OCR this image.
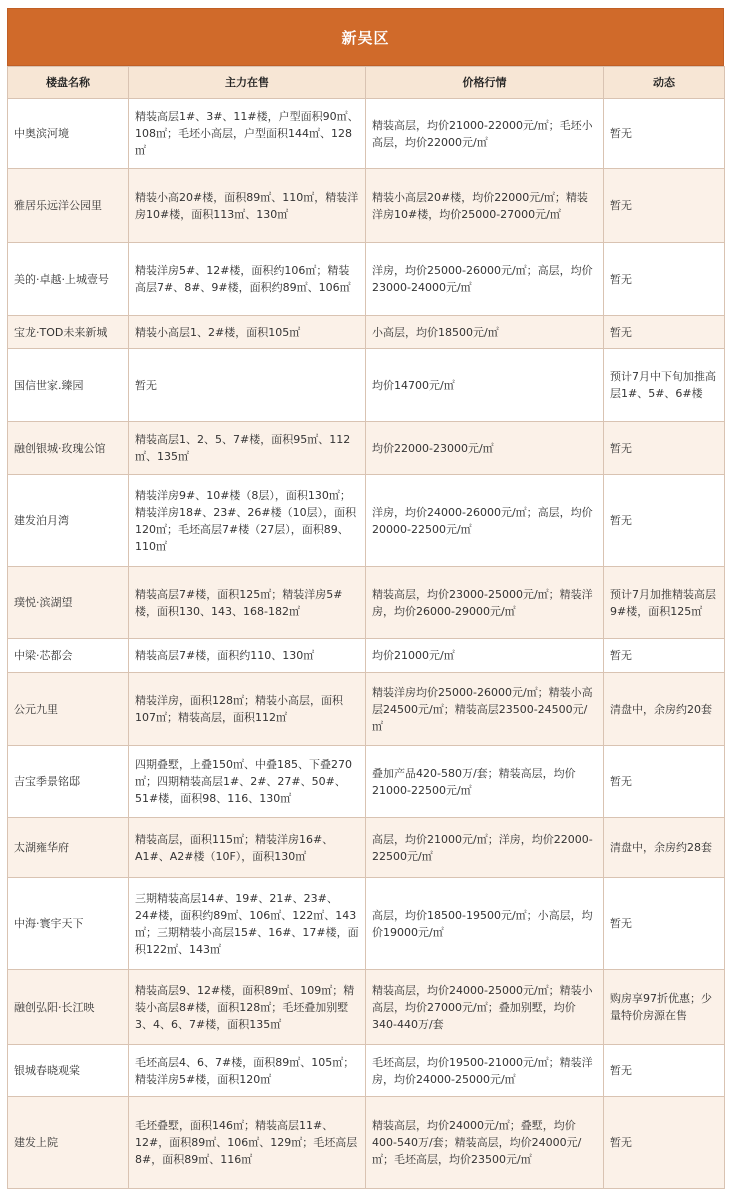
新吴区
楼盘名称	主力在售	价格行情	动态
中奥滨河境	精装高层1#、3#、11#楼，户型面积90㎡、108㎡；毛坯小高层，户型面积144㎡、128㎡	精装高层，均价21000-22000元/㎡；毛坯小高层，均价22000元/㎡	暂无
雅居乐远洋公园里	精装小高20#楼，面积89㎡、110㎡，精装洋房10#楼，面积113㎡、130㎡	精装小高层20#楼，均价22000元/㎡；精装洋房10#楼，均价25000-27000元/㎡	暂无
美的·卓越·上城壹号	精装洋房5#、12#楼，面积约106㎡；精装高层7#、8#、9#楼，面积约89㎡、106㎡	洋房，均价25000-26000元/㎡；高层，均价23000-24000元/㎡	暂无
宝龙·TOD未来新城	精装小高层1、2#楼，面积105㎡	小高层，均价18500元/㎡	暂无
国信世家.臻园	暂无	均价14700元/㎡	预计7月中下旬加推高层1#、5#、6#楼
融创银城·玫瑰公馆	精装高层1、2、5、7#楼，面积95㎡、112㎡、135㎡	均价22000-23000元/㎡	暂无
建发泊月湾	精装洋房9#、10#楼（8层），面积130㎡；精装洋房18#、23#、26#楼（10层），面积120㎡；毛坯高层7#楼（27层），面积89、110㎡	洋房，均价24000-26000元/㎡；高层，均价20000-22500元/㎡	暂无
璞悦·滨湖望	精装高层7#楼，面积125㎡；精装洋房5#楼，面积130、143、168-182㎡	精装高层，均价23000-25000元/㎡；精装洋房，均价26000-29000元/㎡	预计7月加推精装高层9#楼，面积125㎡
中梁·芯都会	精装高层7#楼，面积约110、130㎡	均价21000元/㎡	暂无
公元九里	精装洋房，面积128㎡；精装小高层，面积107㎡；精装高层，面积112㎡	精装洋房均价25000-26000元/㎡；精装小高层24500元/㎡；精装高层23500-24500元/㎡	清盘中，余房约20套
吉宝季景铭邸	四期叠墅，上叠150㎡、中叠185、下叠270㎡；四期精装高层1#、2#、27#、50#、51#楼，面积98、116、130㎡	叠加产品420-580万/套；精装高层，均价21000-22500元/㎡	暂无
太湖雍华府	精装高层，面积115㎡；精装洋房16#、A1#、A2#楼（10F），面积130㎡	高层，均价21000元/㎡；洋房，均价22000-22500元/㎡	清盘中，余房约28套
中海·寰宇天下	三期精装高层14#、19#、21#、23#、24#楼，面积约89㎡、106㎡、122㎡、143㎡；三期精装小高层15#、16#、17#楼，面积122㎡、143㎡	高层，均价18500-19500元/㎡；小高层，均价19000元/㎡	暂无
融创弘阳·长江映	精装高层9、12#楼，面积89㎡、109㎡；精装小高层8#楼，面积128㎡；毛坯叠加别墅3、4、6、7#楼，面积135㎡	精装高层，均价24000-25000元/㎡；精装小高层，均价27000元/㎡；叠加别墅，均价340-440万/套	购房享97折优惠；少量特价房源在售
银城春晓观棠	毛坯高层4、6、7#楼，面积89㎡、105㎡；精装洋房5#楼，面积120㎡	毛坯高层，均价19500-21000元/㎡；精装洋房，均价24000-25000元/㎡	暂无
建发上院	毛坯叠墅，面积146㎡；精装高层11#、12#，面积89㎡、106㎡、129㎡；毛坯高层8#，面积89㎡、116㎡	精装高层，均价24000元/㎡；叠墅，均价400-540万/套；精装高层，均价24000元/㎡；毛坯高层，均价23500元/㎡	暂无
